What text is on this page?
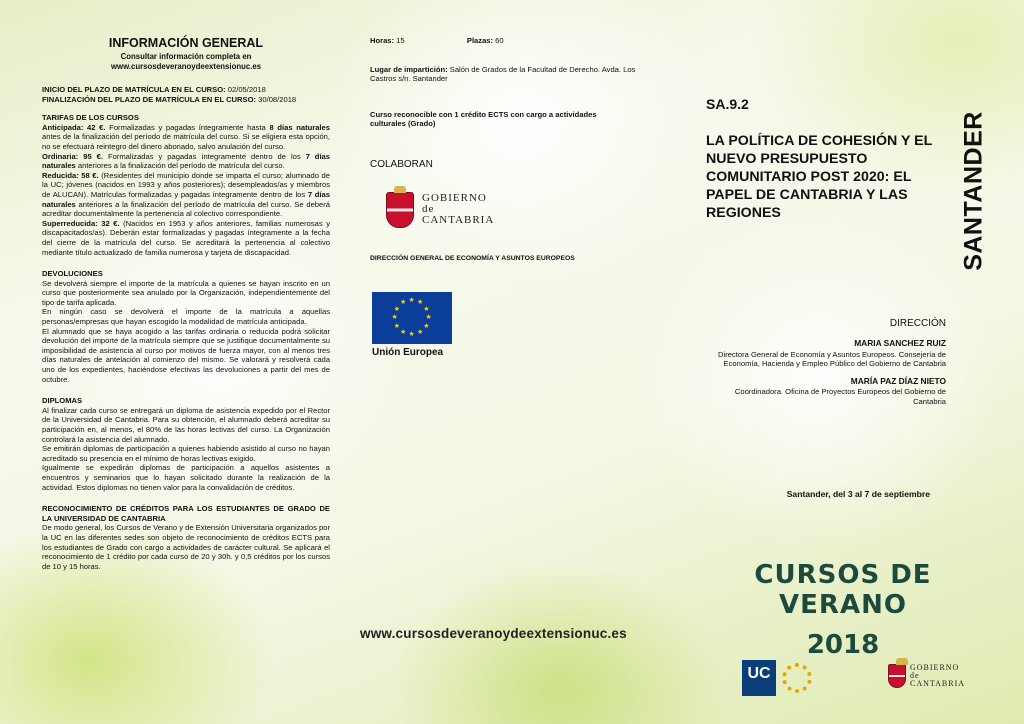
INFORMACIÓN GENERAL
Consultar información completa en
www.cursosdeveranoydeextensionuc.es
INICIO DEL PLAZO DE MATRÍCULA EN EL CURSO: 02/05/2018
FINALIZACIÓN DEL PLAZO DE MATRÍCULA EN EL CURSO: 30/08/2018
TARIFAS DE LOS CURSOS

Anticipada: 42 €. Formalizadas y pagadas íntegramente hasta 8 días naturales antes de la finalización del período de matrícula del curso. Si se eligiera esta opción, no se efectuará reintegro del dinero abonado, salvo anulación del curso.

Ordinaria: 95 €. Formalizadas y pagadas íntegramente dentro de los 7 días naturales anteriores a la finalización del período de matrícula del curso.

Reducida: 58 €. (Residentes del municipio donde se imparta el curso; alumnado de la UC; jóvenes (nacidos en 1993 y años posteriores); desempleados/as y miembros de ALUCAN). Matrículas formalizadas y pagadas íntegramente dentro de los 7 días naturales anteriores a la finalización del período de matrícula del curso. Se deberá acreditar documentalmente la pertenencia al colectivo correspondiente.

Superreducida: 32 €. (Nacidos en 1953 y años anteriores, familias numerosas y discapacitados/as). Deberán estar formalizadas y pagadas íntegramente a la fecha del cierre de la matrícula del curso. Se acreditará la pertenencia al colectivo mediante título actualizado de familia numerosa y tarjeta de discapacidad.

DEVOLUCIONES

Se devolverá siempre el importe de la matrícula a quienes se hayan inscrito en un curso que posteriormente sea anulado por la Organización, independientemente del tipo de tarifa aplicada.

En ningún caso se devolverá el importe de la matrícula a aquellas personas/empresas que hayan escogido la modalidad de matrícula anticipada.

El alumnado que se haya acogido a las tarifas ordinaria o reducida podrá solicitar devolución del importe de la matrícula siempre que se justifique documentalmente su imposibilidad de asistencia al curso por motivos de fuerza mayor, con al menos tres días naturales de antelación al comienzo del mismo. Se valorará y resolverá cada uno de los expedientes, haciéndose efectivas las devoluciones a partir del mes de octubre.

DIPLOMAS

Al finalizar cada curso se entregará un diploma de asistencia expedido por el Rector de la Universidad de Cantabria. Para su obtención, el alumnado deberá acreditar su participación en, al menos, el 80% de las horas lectivas del curso. La Organización controlará la asistencia del alumnado.

Se emitirán diplomas de participación a quienes habiendo asistido al curso no hayan acreditado su presencia en el mínimo de horas lectivas exigido.

Igualmente se expedirán diplomas de participación a aquellos asistentes a encuentros y seminarios que lo hayan solicitado durante la realización de la actividad. Estos diplomas no tienen valor para la convalidación de créditos.

RECONOCIMIENTO DE CRÉDITOS PARA LOS ESTUDIANTES DE GRADO DE LA UNIVERSIDAD DE CANTABRIA

De modo general, los Cursos de Verano y de Extensión Universitaria organizados por la UC en las diferentes sedes son objeto de reconocimiento de créditos ECTS para los estudiantes de Grado con cargo a actividades de carácter cultural. Se aplicará el reconocimiento de 1 crédito por cada curso de 20 y 30h. y 0,5 créditos por los cursos de 10 y 15 horas.

Horas: 15	Plazas: 60
Lugar de impartición: Salón de Grados de la Facultad de Derecho. Avda. Los Castros s/n. Santander
Curso reconocible con 1 crédito ECTS con cargo a actividades culturales (Grado)
COLABORAN
GOBIERNO
de
CANTABRIA
DIRECCIÓN GENERAL DE ECONOMÍA Y ASUNTOS EUROPEOS
★ ★
★
★
★
★
★
★
★
★
★
★
Unión Europea
www.cursosdeveranoydeextensionuc.es
SA.9.2
LA POLÍTICA DE COHESIÓN Y EL NUEVO PRESUPUESTO COMUNITARIO POST 2020: EL PAPEL DE CANTABRIA Y LAS REGIONES	SANTANDER
DIRECCIÓN
MARIA SANCHEZ RUIZ
Directora General de Economía y Asuntos Europeos. Consejería de Economía, Hacienda y Empleo Público del Gobierno de Cantabria
MARÍA PAZ DÍAZ NIETO
Coordinadora. Oficina de Proyectos Europeos del Gobierno de Cantabria
Santander, del 3 al 7 de septiembre
CURSOS DE VERANO
2018
UC	GOBIERNO
de
CANTABRIA
